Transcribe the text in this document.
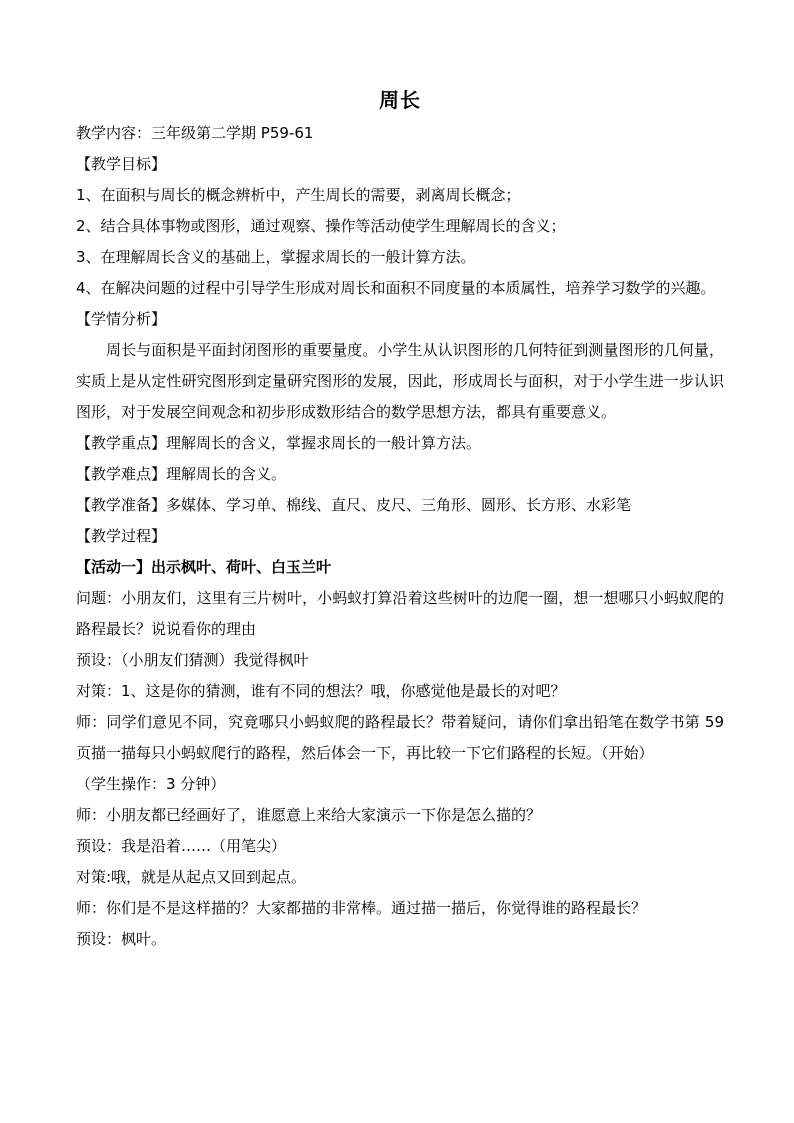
周长

教学内容：三年级第二学期 P59-61

【教学目标】

1、在面积与周长的概念辨析中，产生周长的需要，剥离周长概念；

2、结合具体事物或图形，通过观察、操作等活动使学生理解周长的含义；

3、在理解周长含义的基础上，掌握求周长的一般计算方法。

4、在解决问题的过程中引导学生形成对周长和面积不同度量的本质属性，培养学习数学的兴趣。

【学情分析】

周长与面积是平面封闭图形的重要量度。小学生从认识图形的几何特征到测量图形的几何量，实质上是从定性研究图形到定量研究图形的发展，因此，形成周长与面积，对于小学生进一步认识图形，对于发展空间观念和初步形成数形结合的数学思想方法，都具有重要意义。

【教学重点】理解周长的含义，掌握求周长的一般计算方法。

【教学难点】理解周长的含义。

【教学准备】多媒体、学习单、棉线、直尺、皮尺、三角形、圆形、长方形、水彩笔

【教学过程】

【活动一】出示枫叶、荷叶、白玉兰叶

问题：小朋友们，这里有三片树叶，小蚂蚁打算沿着这些树叶的边爬一圈，想一想哪只小蚂蚁爬的路程最长？说说看你的理由

预设：（小朋友们猜测）我觉得枫叶

对策：1、这是你的猜测，谁有不同的想法？哦，你感觉他是最长的对吧？

师：同学们意见不同，究竟哪只小蚂蚁爬的路程最长？带着疑问，请你们拿出铅笔在数学书第 59 页描一描每只小蚂蚁爬行的路程，然后体会一下，再比较一下它们路程的长短。（开始）

（学生操作：3 分钟）

师：小朋友都已经画好了，谁愿意上来给大家演示一下你是怎么描的？

预设：我是沿着……（用笔尖）

对策:哦，就是从起点又回到起点。

师：你们是不是这样描的？大家都描的非常棒。通过描一描后，你觉得谁的路程最长？

预设：枫叶。
